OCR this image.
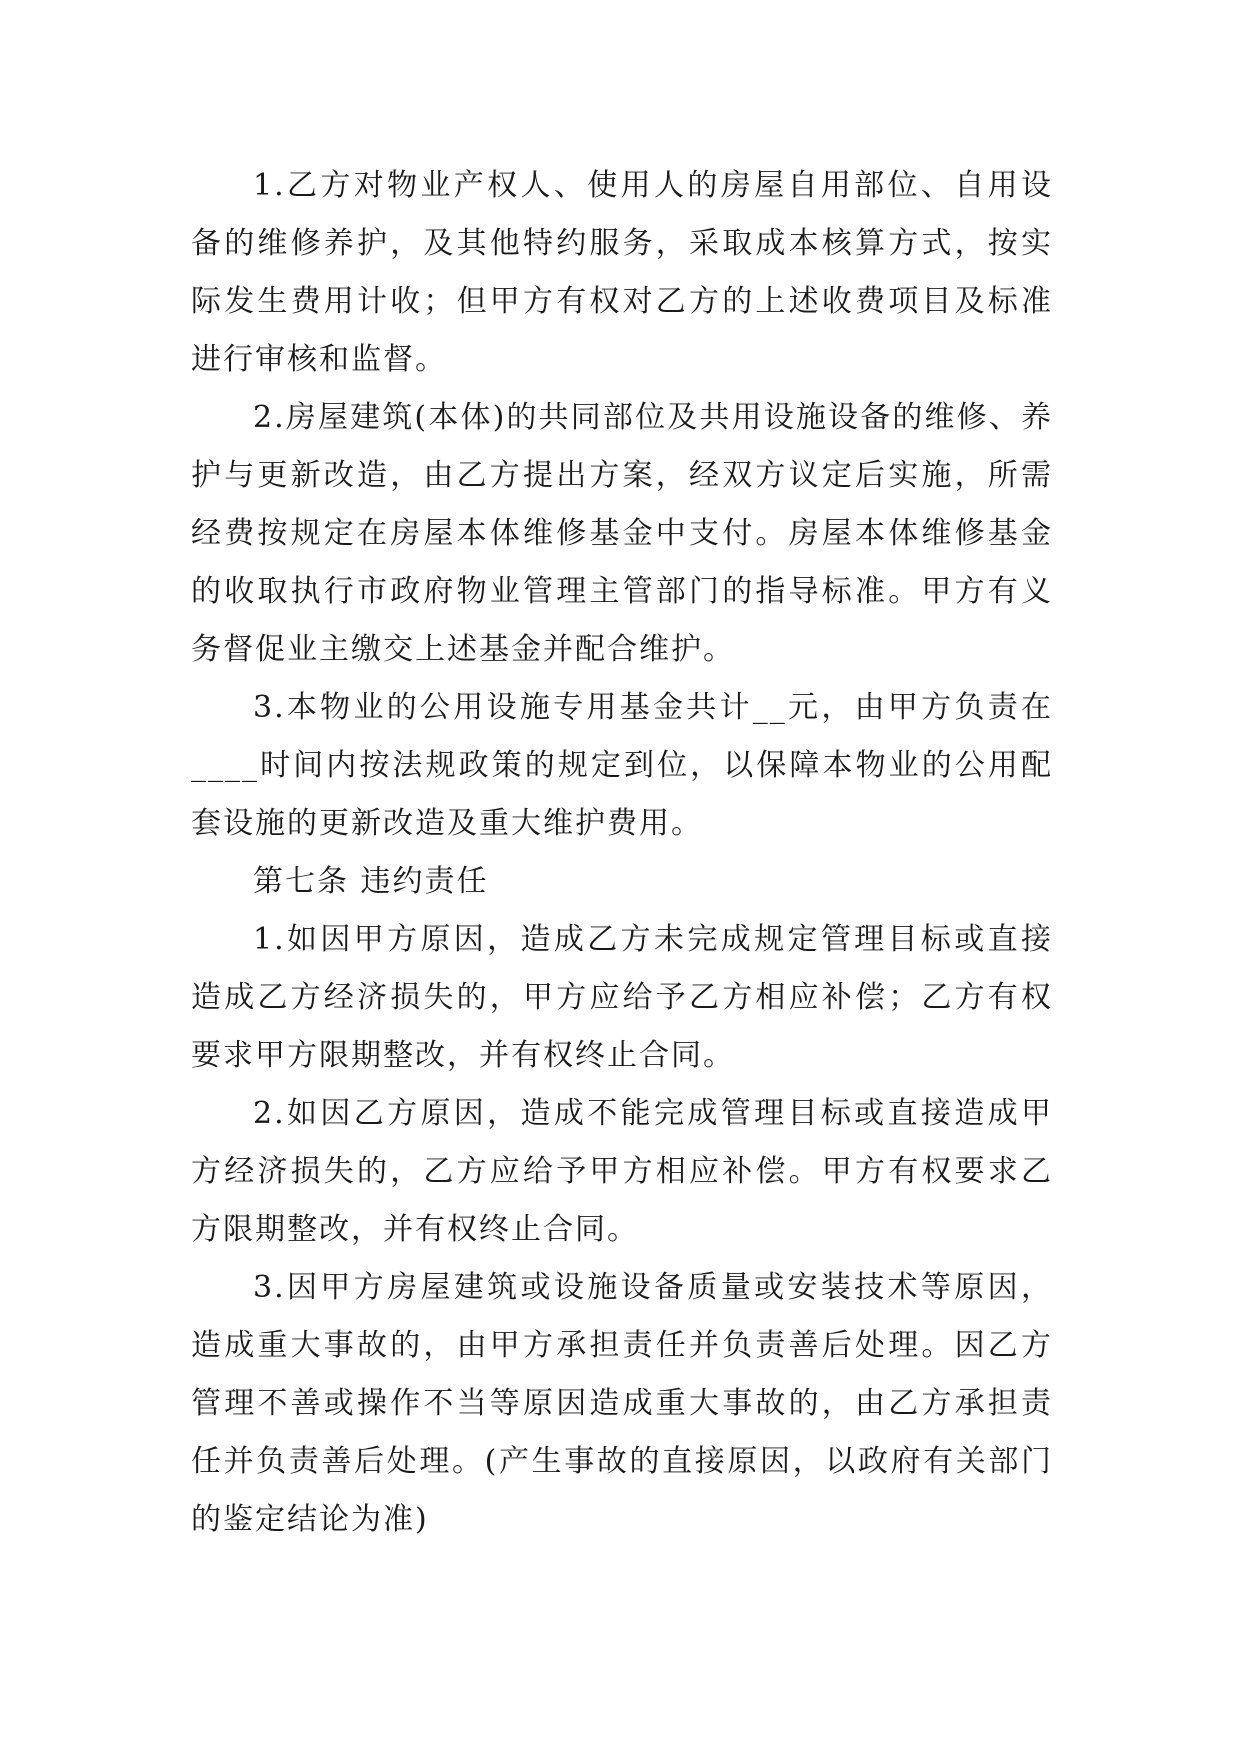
1.乙方对物业产权人、使用人的房屋自用部位、自用设备的维修养护，及其他特约服务，采取成本核算方式，按实际发生费用计收；但甲方有权对乙方的上述收费项目及标准进行审核和监督。

2.房屋建筑(本体)的共同部位及共用设施设备的维修、养护与更新改造，由乙方提出方案，经双方议定后实施，所需经费按规定在房屋本体维修基金中支付。房屋本体维修基金的收取执行市政府物业管理主管部门的指导标准。甲方有义务督促业主缴交上述基金并配合维护。

3.本物业的公用设施专用基金共计__元，由甲方负责在____时间内按法规政策的规定到位，以保障本物业的公用配套设施的更新改造及重大维护费用。

第七条 违约责任

1.如因甲方原因，造成乙方未完成规定管理目标或直接造成乙方经济损失的，甲方应给予乙方相应补偿；乙方有权要求甲方限期整改，并有权终止合同。

2.如因乙方原因，造成不能完成管理目标或直接造成甲方经济损失的，乙方应给予甲方相应补偿。甲方有权要求乙方限期整改，并有权终止合同。

3.因甲方房屋建筑或设施设备质量或安装技术等原因，造成重大事故的，由甲方承担责任并负责善后处理。因乙方管理不善或操作不当等原因造成重大事故的，由乙方承担责任并负责善后处理。(产生事故的直接原因，以政府有关部门的鉴定结论为准)
